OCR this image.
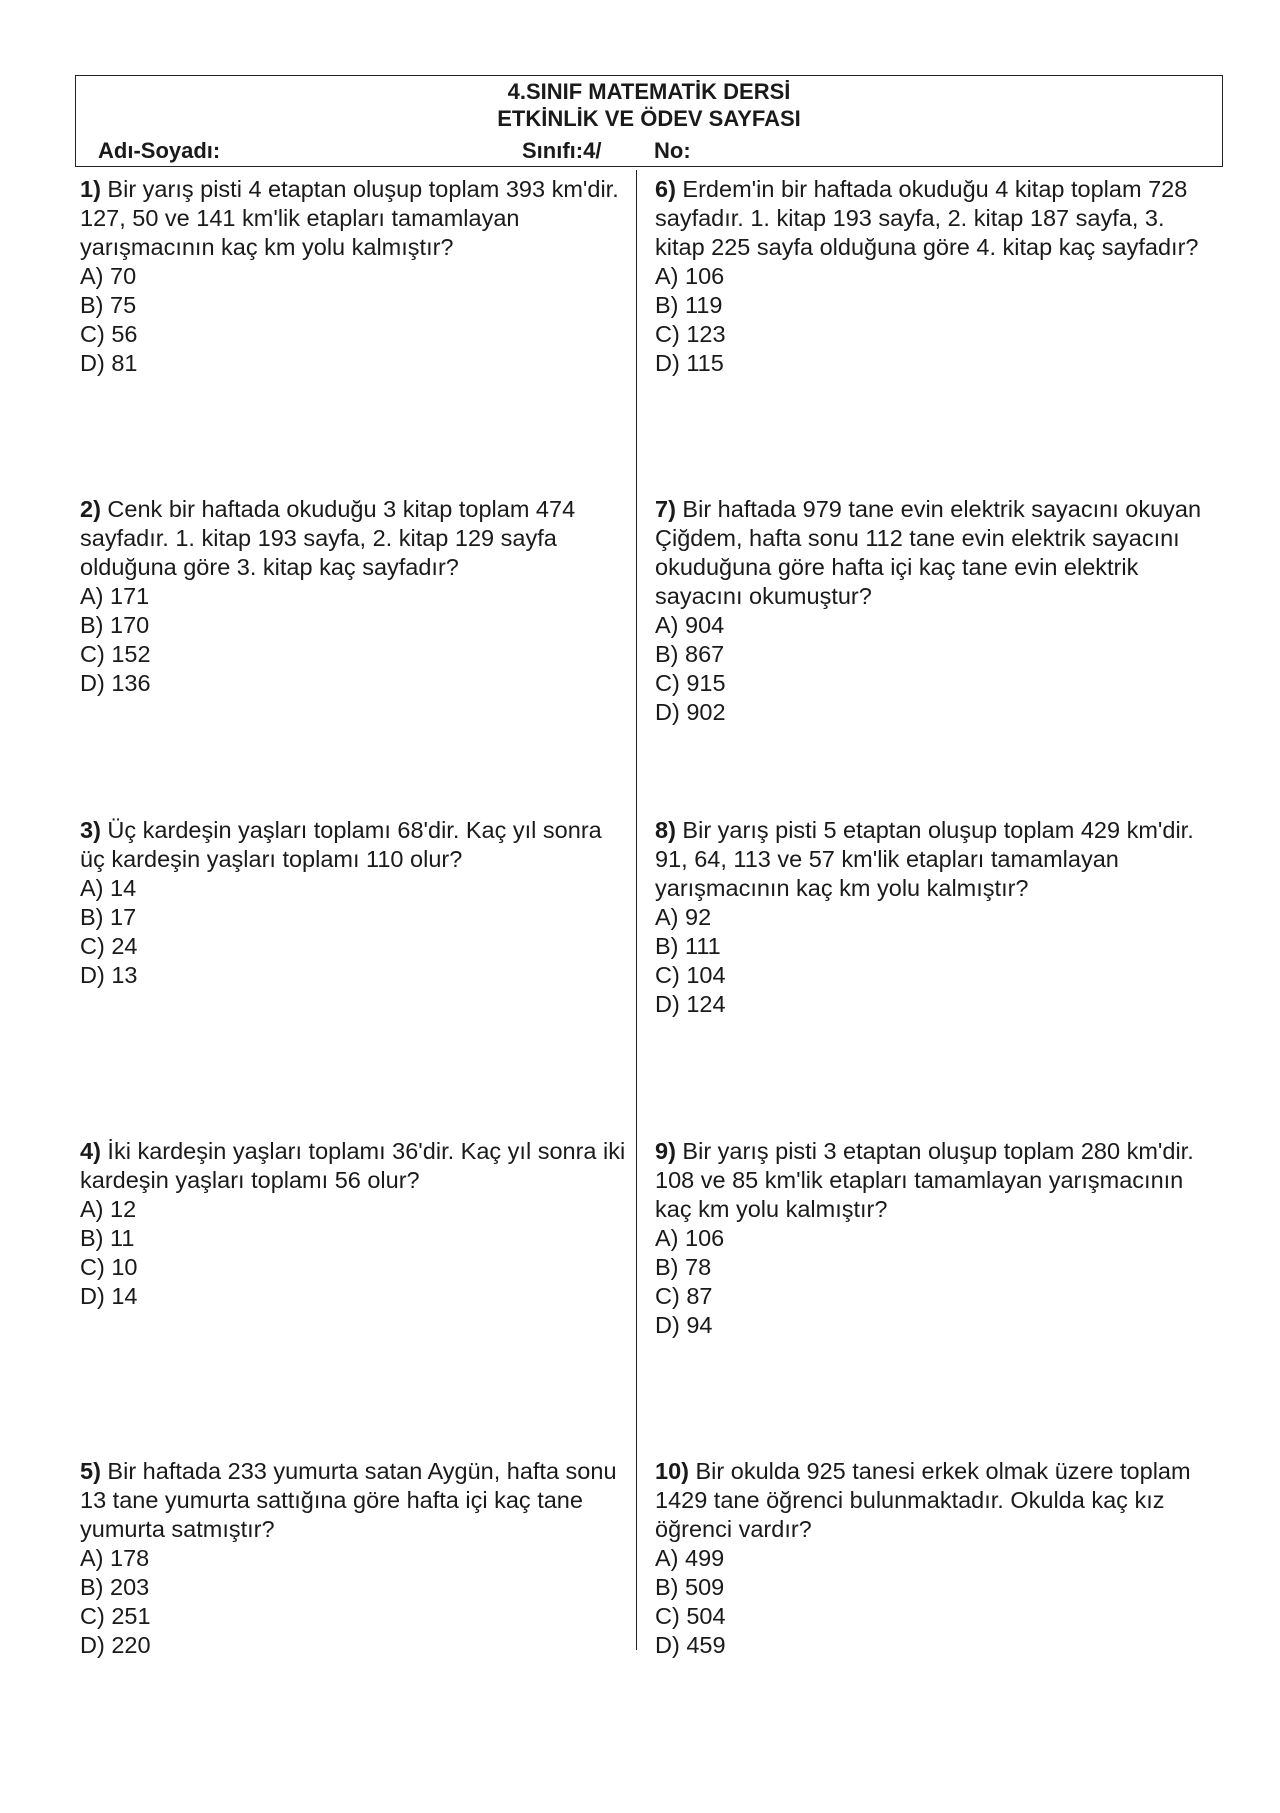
4.SINIF MATEMATİK DERSİ
ETKİNLİK VE ÖDEV SAYFASI
Adı-Soyadı:	Sınıfı:4/ No:

1) Bir yarış pisti 4 etaptan oluşup toplam 393 km'dir. 127, 50 ve 141 km'lik etapları tamamlayan yarışmacının kaç km yolu kalmıştır?

A) 70

B) 75

C) 56

D) 81

2) Cenk bir haftada okuduğu 3 kitap toplam 474 sayfadır. 1. kitap 193 sayfa, 2. kitap 129 sayfa olduğuna göre 3. kitap kaç sayfadır?

A) 171

B) 170

C) 152

D) 136

3) Üç kardeşin yaşları toplamı 68'dir. Kaç yıl sonra üç kardeşin yaşları toplamı 110 olur?

A) 14

B) 17

C) 24

D) 13

4) İki kardeşin yaşları toplamı 36'dir. Kaç yıl sonra iki kardeşin yaşları toplamı 56 olur?

A) 12

B) 11

C) 10

D) 14

5) Bir haftada 233 yumurta satan Aygün, hafta sonu 13 tane yumurta sattığına göre hafta içi kaç tane yumurta satmıştır?

A) 178

B) 203

C) 251

D) 220

6) Erdem'in bir haftada okuduğu 4 kitap toplam 728 sayfadır. 1. kitap 193 sayfa, 2. kitap 187 sayfa, 3. kitap 225 sayfa olduğuna göre 4. kitap kaç sayfadır?

A) 106

B) 119

C) 123

D) 115

7) Bir haftada 979 tane evin elektrik sayacını okuyan Çiğdem, hafta sonu 112 tane evin elektrik sayacını okuduğuna göre hafta içi kaç tane evin elektrik sayacını okumuştur?

A) 904

B) 867

C) 915

D) 902

8) Bir yarış pisti 5 etaptan oluşup toplam 429 km'dir. 91, 64, 113 ve 57 km'lik etapları tamamlayan yarışmacının kaç km yolu kalmıştır?

A) 92

B) 111

C) 104

D) 124

9) Bir yarış pisti 3 etaptan oluşup toplam 280 km'dir. 108 ve 85 km'lik etapları tamamlayan yarışmacının kaç km yolu kalmıştır?

A) 106

B) 78

C) 87

D) 94

10) Bir okulda 925 tanesi erkek olmak üzere toplam 1429 tane öğrenci bulunmaktadır. Okulda kaç kız öğrenci vardır?

A) 499

B) 509

C) 504

D) 459
